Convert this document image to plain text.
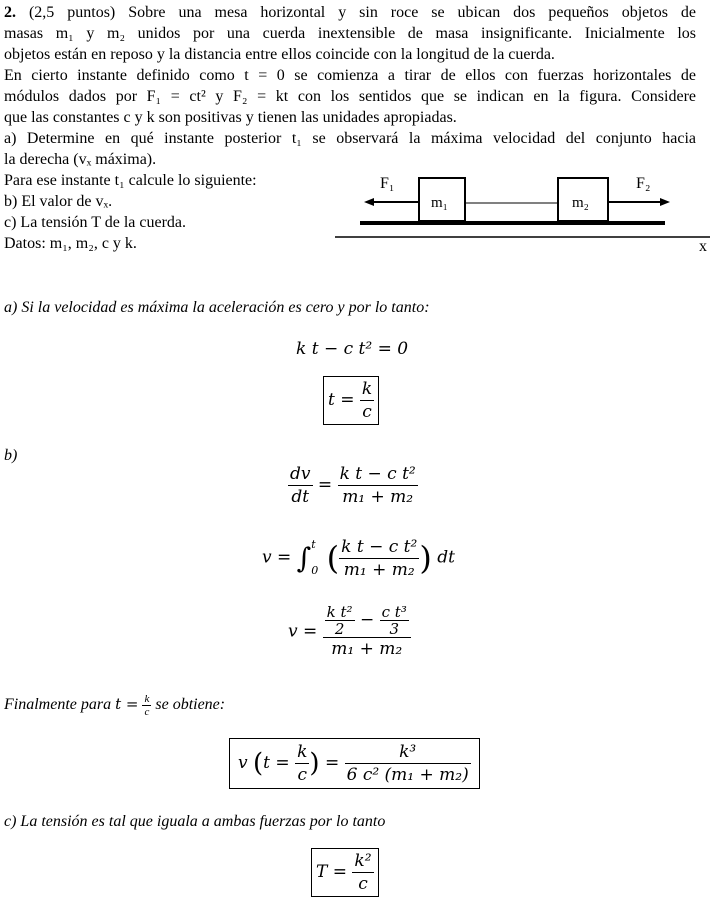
2. (2,5 puntos) Sobre una mesa horizontal y sin roce se ubican dos pequeños objetos de

masas m₁ y m₂ unidos por una cuerda inextensible de masa insignificante. Inicialmente los

objetos están en reposo y la distancia entre ellos coincide con la longitud de la cuerda.

En cierto instante definido como t = 0 se comienza a tirar de ellos con fuerzas horizontales de

módulos dados por F₁ = ct² y F₂ = kt con los sentidos que se indican en la figura. Considere

que las constantes c y k son positivas y tienen las unidades apropiadas.

a) Determine en qué instante posterior t₁ se observará la máxima velocidad del conjunto hacia

la derecha (vₓ máxima).

Para ese instante t₁ calcule lo siguiente:

b) El valor de vₓ.

c) La tensión T de la cuerda.

Datos: m₁, m₂, c y k.

F₁	F₂
m₁	m₂
x

a) Si la velocidad es máxima la aceleración es cero y por lo tanto:

k t − c t² = 0
$t = \frac{k}{c}$

b)

$\frac{dv}{dt} = \frac{\text{k t − c t²}}{\text{m₁ + m₂}}$
v = ∫ t
0 ( $\frac{\text{k t − c t²}}{\text{m₁ + m₂}}$ ) dt
$v = \frac{\frac{\text{k t²}}{2} - \frac{\text{c t³}}{3}}{\text{m₁ + m₂}}$

Finalmente para $t = \frac{k}{c}$ se obtiene:

v ($t = \frac{k}{c}$ ) = $\frac{\text{k³}}{\text{6 c² (m₁ + m₂)}}$

c) La tensión es tal que iguala a ambas fuerzas por lo tanto

$T = \frac{\text{k²}}{c}$
